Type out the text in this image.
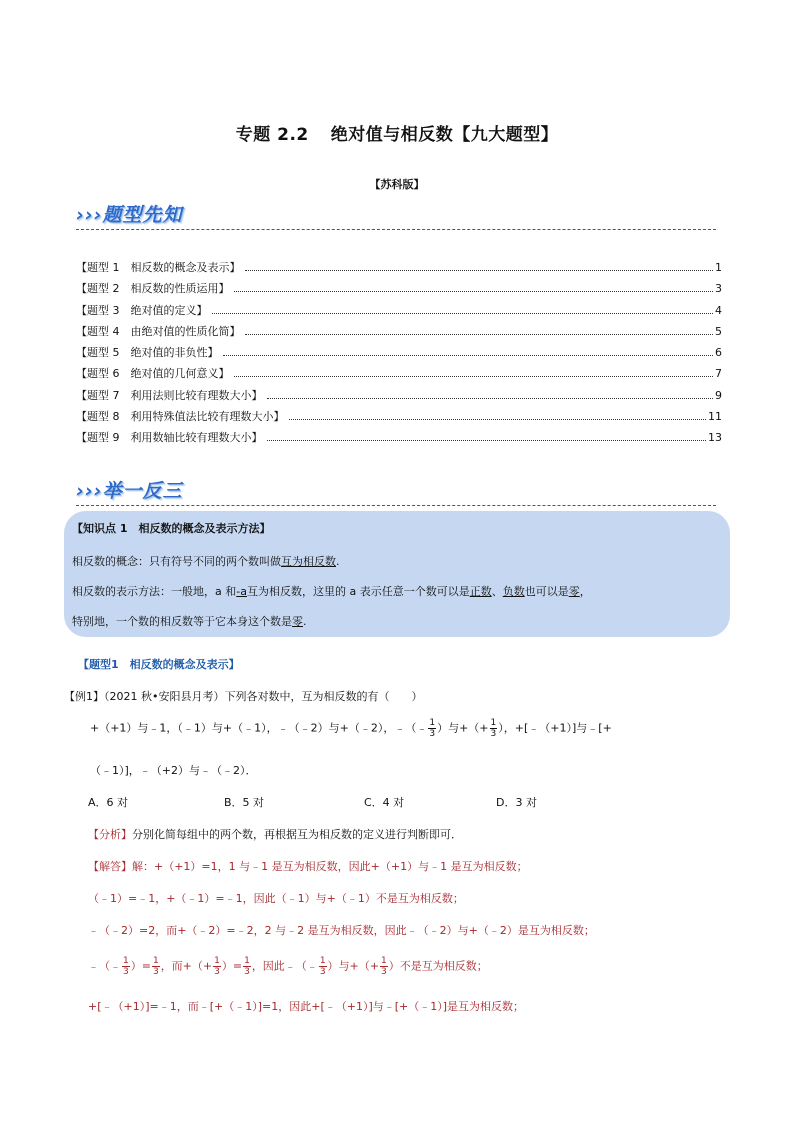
专题 2.2 绝对值与相反数【九大题型】
【苏科版】
›››题型先知
【题型 1　相反数的概念及表示】	1
【题型 2　相反数的性质运用】	3
【题型 3　绝对值的定义】	4
【题型 4　由绝对值的性质化简】	5
【题型 5　绝对值的非负性】	6
【题型 6　绝对值的几何意义】	7
【题型 7　利用法则比较有理数大小】	9
【题型 8　利用特殊值法比较有理数大小】	11
【题型 9　利用数轴比较有理数大小】	13
›››举一反三
【知识点 1　相反数的概念及表示方法】
相反数的概念：只有符号不同的两个数叫做互为相反数.
相反数的表示方法：一般地，a 和-a互为相反数，这里的 a 表示任意一个数可以是正数、负数也可以是零，
特别地，一个数的相反数等于它本身这个数是零.
【题型1　相反数的概念及表示】
【例1】（2021 秋•安阳县月考）下列各对数中，互为相反数的有（　　）
+（+1）与﹣1，（﹣1）与+（﹣1），﹣（﹣2）与+（﹣2），﹣（﹣ $\frac{1}{3}$ ）与+（+ $\frac{1}{3}$ ），+[﹣（+1）]与﹣[+
（﹣1）]，﹣（+2）与﹣（﹣2）．
A．6 对	B．5 对	C．4 对	D．3 对
【分析】分别化简每组中的两个数，再根据互为相反数的定义进行判断即可．
【解答】解：+（+1）=1，1 与﹣1 是互为相反数，因此+（+1）与﹣1 是互为相反数；
（﹣1）=﹣1，+（﹣1）=﹣1，因此（﹣1）与+（﹣1）不是互为相反数；
﹣（﹣2）=2，而+（﹣2）=﹣2，2 与﹣2 是互为相反数，因此﹣（﹣2）与+（﹣2）是互为相反数；
﹣（﹣ $\frac{1}{3}$ ）= $\frac{1}{3}$ ，而+（+ $\frac{1}{3}$ ）= $\frac{1}{3}$ ，因此﹣（﹣ $\frac{1}{3}$ ）与+（+ $\frac{1}{3}$ ）不是互为相反数；
+[﹣（+1）]=﹣1，而﹣[+（﹣1）]=1，因此+[﹣（+1）]与﹣[+（﹣1）]是互为相反数；
